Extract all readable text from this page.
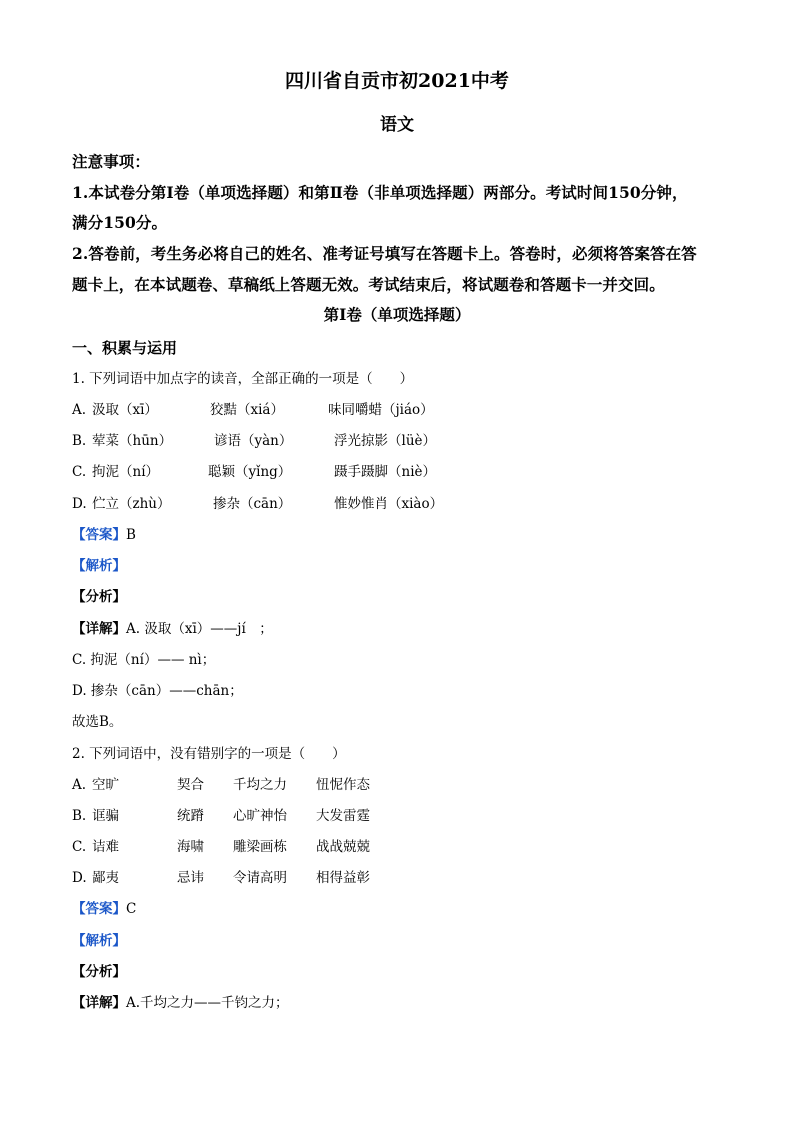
四川省自贡市初2021中考
语文
注意事项：
1.本试卷分第Ⅰ卷（单项选择题）和第Ⅱ卷（非单项选择题）两部分。考试时间150分钟，
满分150分。
2.答卷前，考生务必将自己的姓名、准考证号填写在答题卡上。答卷时，必须将答案答在答
题卡上，在本试题卷、草稿纸上答题无效。考试结束后，将试题卷和答题卡一并交回。
第Ⅰ卷（单项选择题）
一、积累与运用
1. 下列词语中加点字的读音，全部正确的一项是（　　）
A. 汲取（xī）	狡黠（xiá）	味同嚼蜡（jiáo）
B. 荤菜（hūn）	谚语（yàn）	浮光掠影（lüè）
C. 拘泥（ní）	聪颖（yǐng）	蹑手蹑脚（niè）
D. 伫立（zhù）	掺杂（cān）	惟妙惟肖（xiào）
【答案】B
【解析】
【分析】
【详解】A. 汲取（xī）——jí　；
C. 拘泥（ní）—— nì；
D. 掺杂（cān）——chān；
故选B。
2. 下列词语中，没有错别字的一项是（　　）
A. 空旷	契合 千均之力 忸怩作态
B. 诓骗	统蹐 心旷神怡 大发雷霆
C. 诘难	海啸 雕梁画栋 战战兢兢
D. 鄙夷	忌讳 令请高明 相得益彰
【答案】C
【解析】
【分析】
【详解】A.千均之力——千钧之力；
